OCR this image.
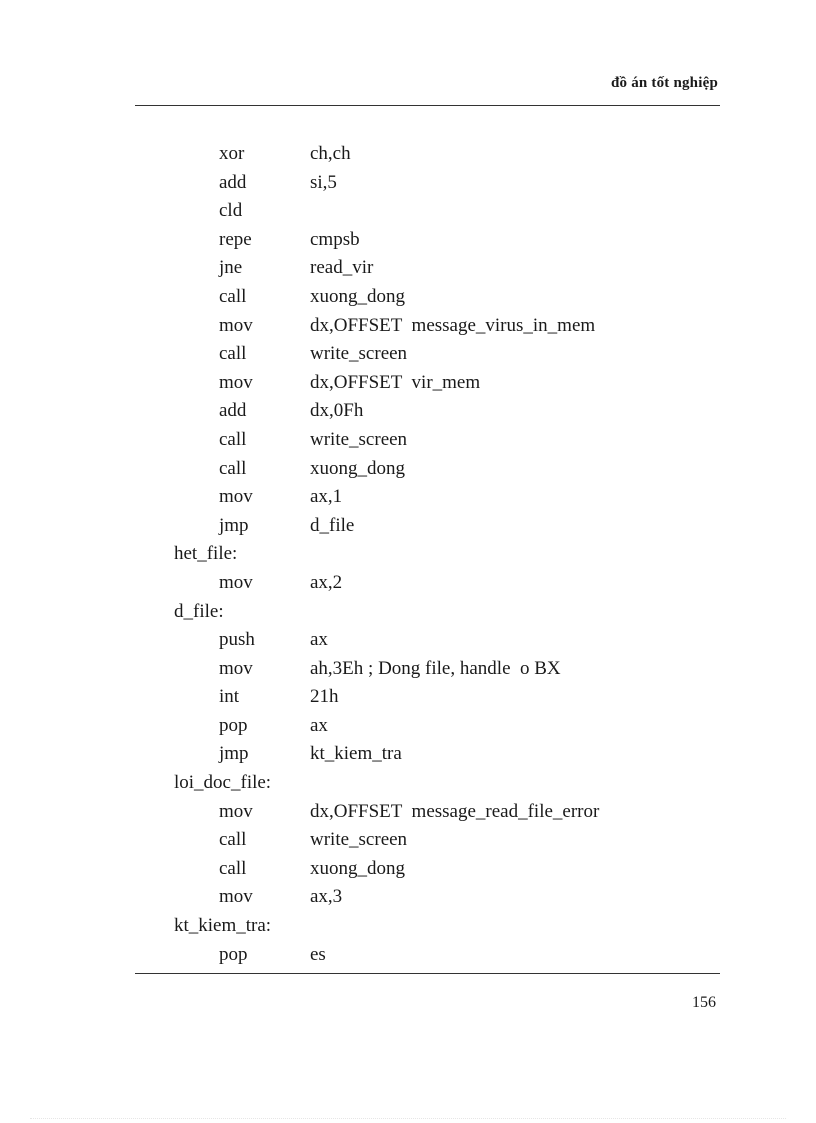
đồ án tốt nghiệp
xor	ch,ch
add	si,5
cld
repe	cmpsb
jne	read_vir
call	xuong_dong
mov	dx,OFFSET  message_virus_in_mem
call	write_screen
mov	dx,OFFSET  vir_mem
add	dx,0Fh
call	write_screen
call	xuong_dong
mov	ax,1
jmp	d_file
het_file:
mov	ax,2
d_file:
push	ax
mov	ah,3Eh ; Dong file, handle  o BX
int	21h
pop	ax
jmp	kt_kiem_tra
loi_doc_file:
mov	dx,OFFSET  message_read_file_error
call	write_screen
call	xuong_dong
mov	ax,3
kt_kiem_tra:
pop	es
156
